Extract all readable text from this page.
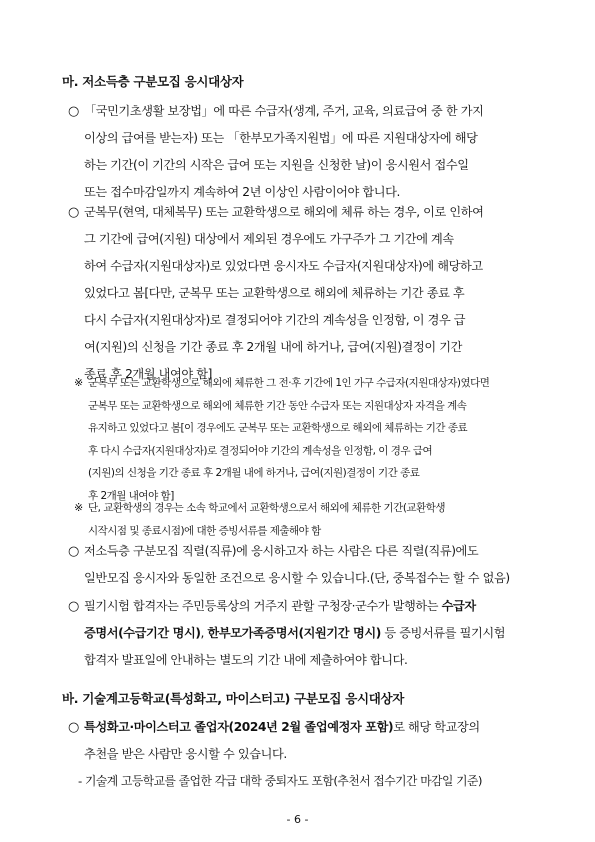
마. 저소득층 구분모집 응시대상자
○ 「국민기초생활 보장법」에 따른 수급자(생계, 주거, 교육, 의료급여 중 한 가지
이상의 급여를 받는자) 또는 「한부모가족지원법」에 따른 지원대상자에 해당
하는 기간(이 기간의 시작은 급여 또는 지원을 신청한 날)이 응시원서 접수일
또는 접수마감일까지 계속하여 2년 이상인 사람이어야 합니다.
○ 군복무(현역, 대체복무) 또는 교환학생으로 해외에 체류 하는 경우, 이로 인하여
그 기간에 급여(지원) 대상에서 제외된 경우에도 가구주가 그 기간에 계속
하여 수급자(지원대상자)로 있었다면 응시자도 수급자(지원대상자)에 해당하고
있었다고 봄[다만, 군복무 또는 교환학생으로 해외에 체류하는 기간 종료 후
다시 수급자(지원대상자)로 결정되어야 기간의 계속성을 인정함, 이 경우 급
여(지원)의 신청을 기간 종료 후 2개월 내에 하거나, 급여(지원)결정이 기간
종료 후 2개월 내여야 함]
※ 군복무 또는 교환학생으로 해외에 체류한 그 전·후 기간에 1인 가구 수급자(지원대상자)였다면
군복무 또는 교환학생으로 해외에 체류한 기간 동안 수급자 또는 지원대상자 자격을 계속
유지하고 있었다고 봄[이 경우에도 군복무 또는 교환학생으로 해외에 체류하는 기간 종료
후 다시 수급자(지원대상자)로 결정되어야 기간의 계속성을 인정함, 이 경우 급여
(지원)의 신청을 기간 종료 후 2개월 내에 하거나, 급여(지원)결정이 기간 종료
후 2개월 내여야 함]
※ 단, 교환학생의 경우는 소속 학교에서 교환학생으로서 해외에 체류한 기간(교환학생
시작시점 및 종료시점)에 대한 증빙서류를 제출해야 함
○ 저소득층 구분모집 직렬(직류)에 응시하고자 하는 사람은 다른 직렬(직류)에도
일반모집 응시자와 동일한 조건으로 응시할 수 있습니다.(단, 중복접수는 할 수 없음)
○ 필기시험 합격자는 주민등록상의 거주지 관할 구청장·군수가 발행하는 수급자
증명서(수급기간 명시), 한부모가족증명서(지원기간 명시) 등 증빙서류를 필기시험
합격자 발표일에 안내하는 별도의 기간 내에 제출하여야 합니다.
바. 기술계고등학교(특성화고, 마이스터고) 구분모집 응시대상자
○ 특성화고·마이스터고 졸업자(2024년 2월 졸업예정자 포함)로 해당 학교장의
추천을 받은 사람만 응시할 수 있습니다.
- 기술계 고등학교를 졸업한 각급 대학 중퇴자도 포함(추천서 접수기간 마감일 기준)
- 6 -
